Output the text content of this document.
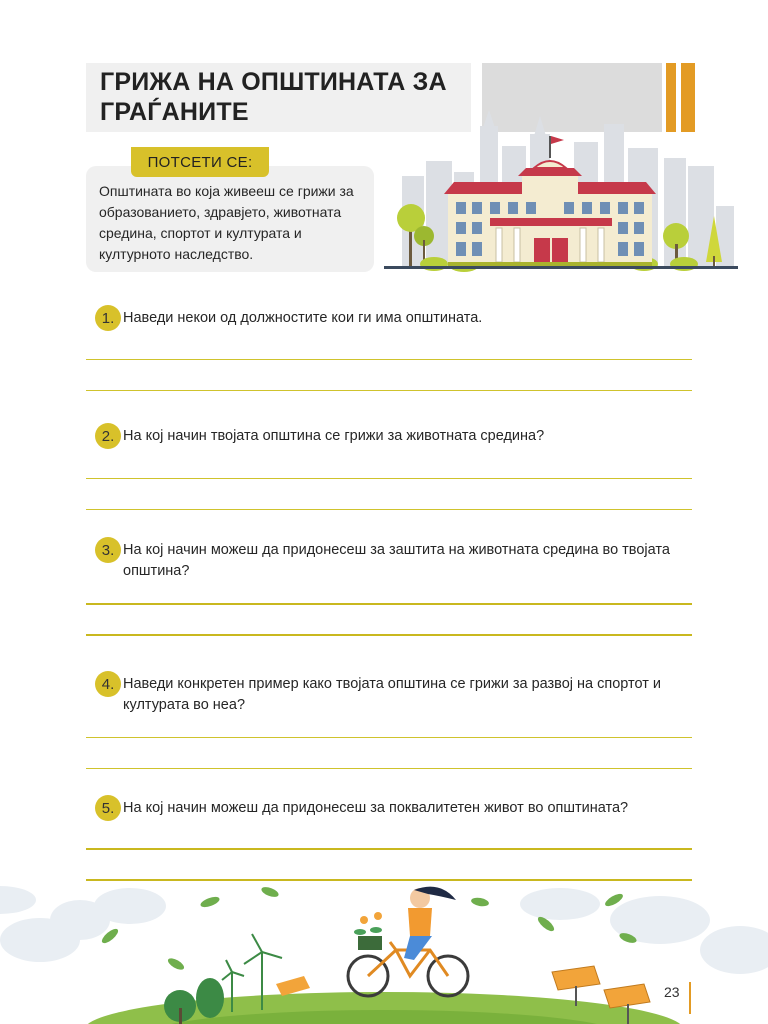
ГРИЖА НА ОПШТИНАТА ЗА ГРАЃАНИТЕ
ПОТСЕТИ СЕ:

Општината во која живееш се грижи за образованието, здравјето, животната средина, спортот и културата и културното наследство.

1. Наведи некои од должностите кои ги има општината.
2. На кој начин твојата општина се грижи за животната средина?
3. На кој начин можеш да придонесеш за заштита на животната средина во твојата општина?
4. Наведи конкретен пример како твојата општина се грижи за развој на спортот и културата во неа?
5. На кој начин можеш да придонесеш за поквалитетен живот во општината?
23
